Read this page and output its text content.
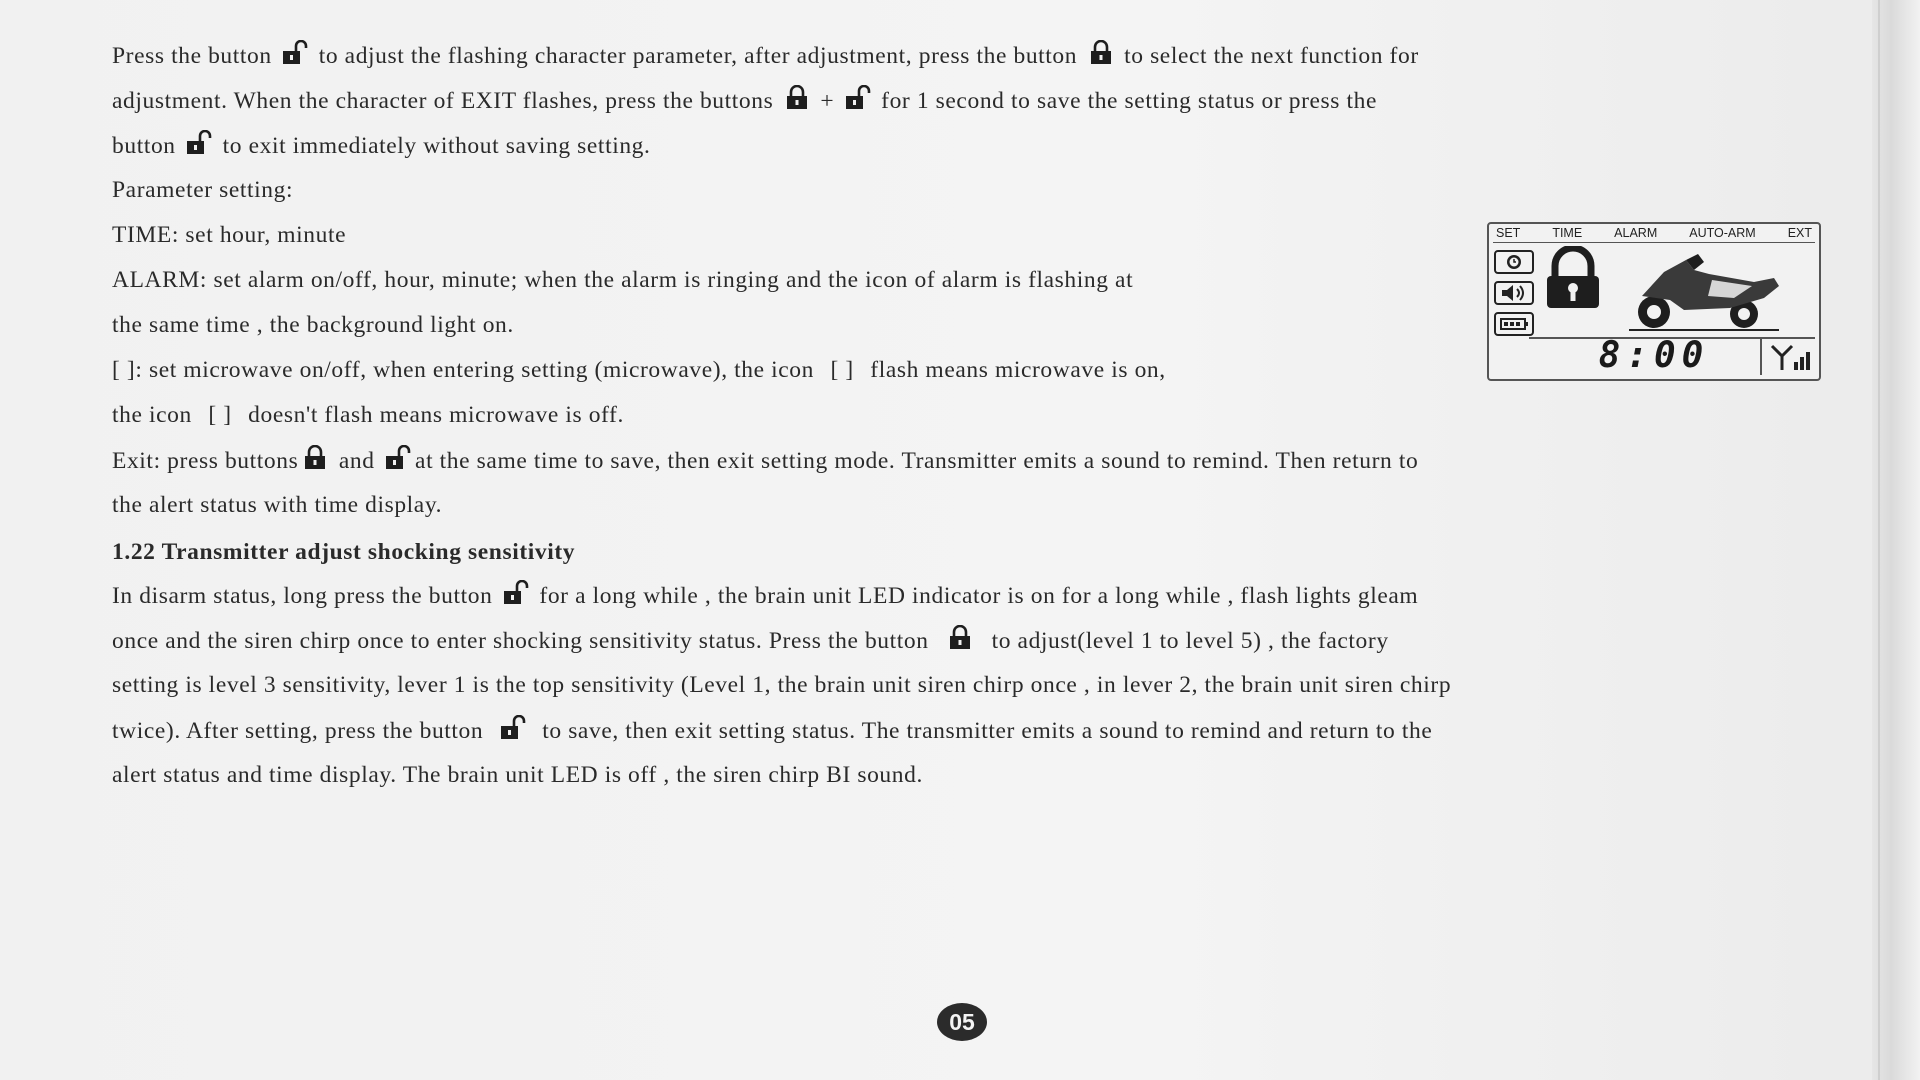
Press the button to adjust the flashing character parameter, after adjustment, press the button to select the next function for
adjustment. When the character of EXIT flashes, press the buttons + for 1 second to save the setting status or press the
button to exit immediately without saving setting.
Parameter setting:
TIME: set hour, minute
ALARM: set alarm on/off, hour, minute; when the alarm is ringing and the icon of alarm is flashing at
the same time , the background light on.
[ ]: set microwave on/off, when entering setting (microwave), the icon [ ] flash means microwave is on,
the icon [ ] doesn't flash means microwave is off.
Exit: press buttons and at the same time to save, then exit setting mode. Transmitter emits a sound to remind. Then return to
the alert status with time display.
1.22 Transmitter adjust shocking sensitivity
In disarm status, long press the button for a long while , the brain unit LED indicator is on for a long while , flash lights gleam
once and the siren chirp once to enter shocking sensitivity status. Press the button	to adjust(level 1 to level 5) , the factory
setting is level 3 sensitivity, lever 1 is the top sensitivity (Level 1, the brain unit siren chirp once , in lever 2, the brain unit siren chirp
twice). After setting, press the button	to save, then exit setting status. The transmitter emits a sound to remind and return to the
alert status and time display. The brain unit LED is off , the siren chirp BI sound.
SET	TIME	ALARM	AUTO-ARM	EXT
8:00
05
